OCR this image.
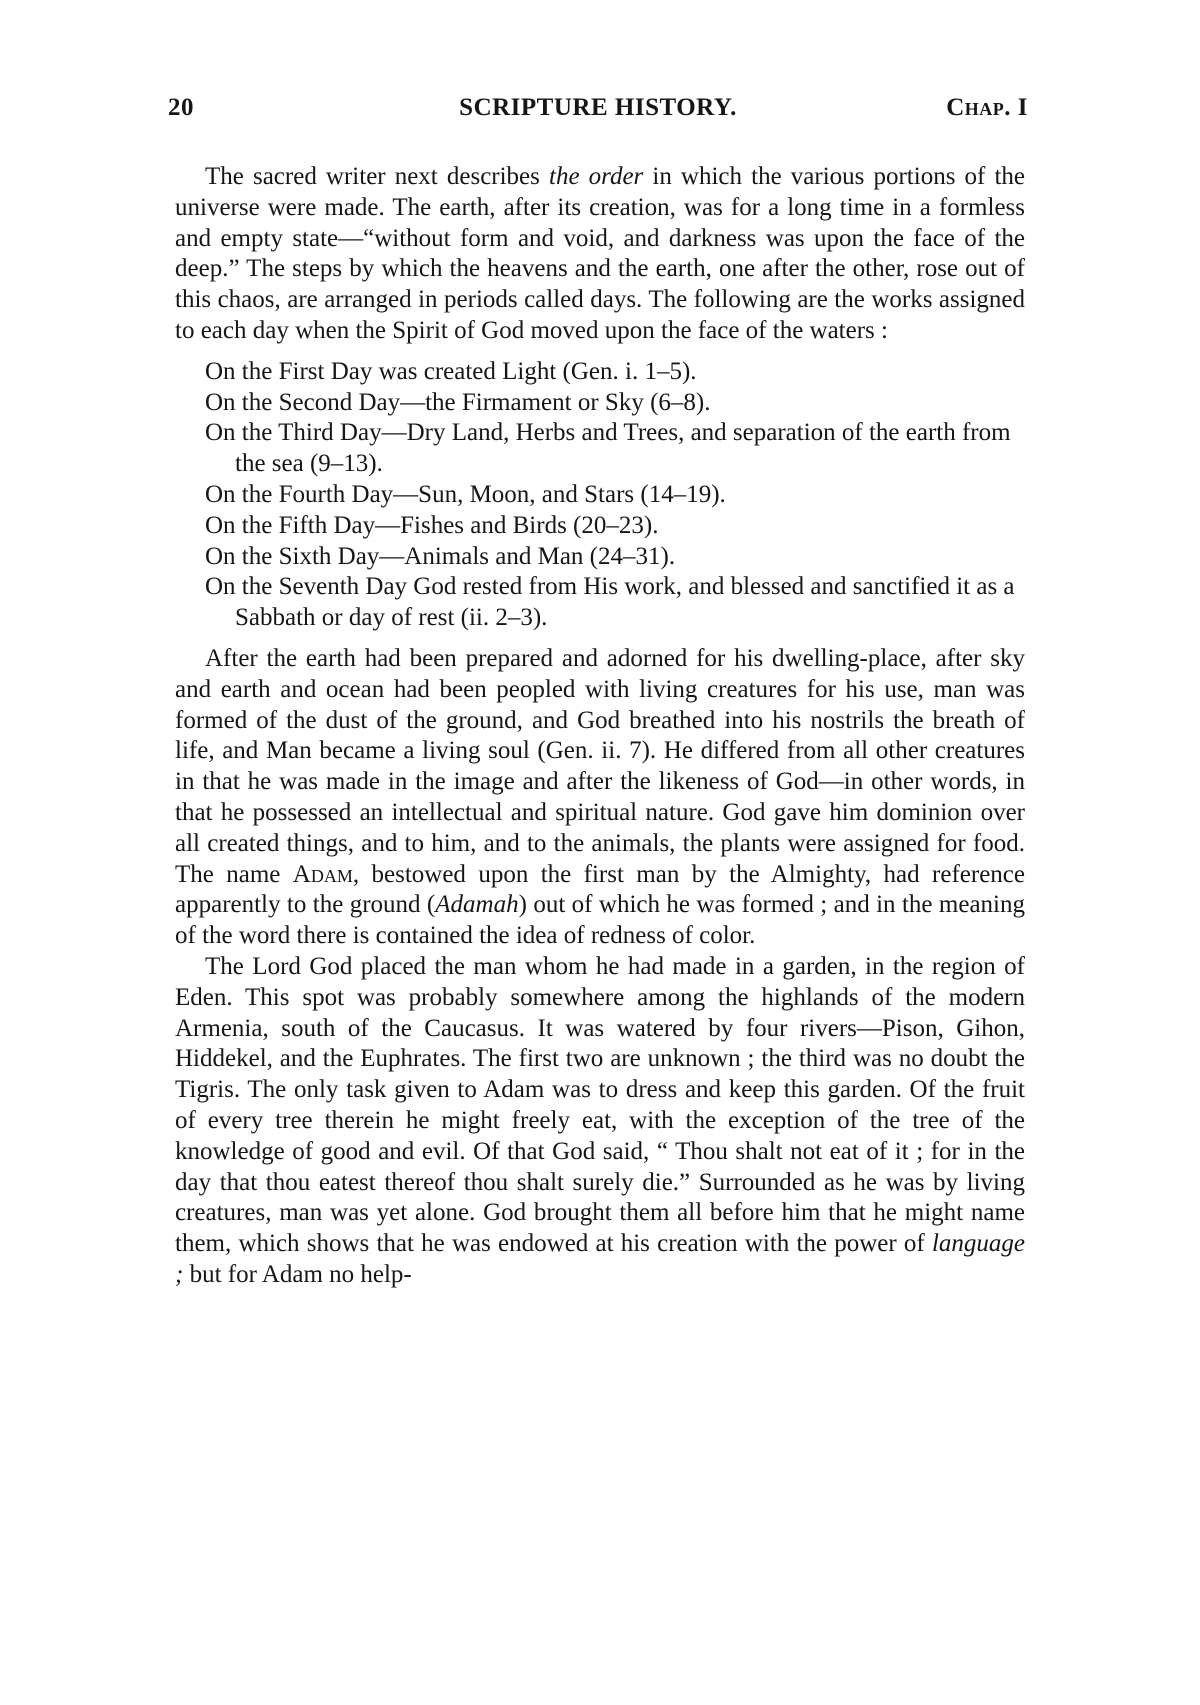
20	SCRIPTURE HISTORY.	Chap. I

The sacred writer next describes the order in which the various portions of the universe were made. The earth, after its creation, was for a long time in a formless and empty state—“without form and void, and darkness was upon the face of the deep.” The steps by which the heavens and the earth, one after the other, rose out of this chaos, are arranged in periods called days. The following are the works assigned to each day when the Spirit of God moved upon the face of the waters :

On the First Day was created Light (Gen. i. 1–5).
On the Second Day—the Firmament or Sky (6–8).
On the Third Day—Dry Land, Herbs and Trees, and separation of the earth from the sea (9–13).
On the Fourth Day—Sun, Moon, and Stars (14–19).
On the Fifth Day—Fishes and Birds (20–23).
On the Sixth Day—Animals and Man (24–31).
On the Seventh Day God rested from His work, and blessed and sanctified it as a Sabbath or day of rest (ii. 2–3).

After the earth had been prepared and adorned for his dwelling-place, after sky and earth and ocean had been peopled with living creatures for his use, man was formed of the dust of the ground, and God breathed into his nostrils the breath of life, and Man became a living soul (Gen. ii. 7). He differed from all other creatures in that he was made in the image and after the likeness of God—in other words, in that he possessed an intellectual and spiritual nature. God gave him dominion over all created things, and to him, and to the animals, the plants were assigned for food. The name Adam, bestowed upon the first man by the Almighty, had reference apparently to the ground (Adamah) out of which he was formed ; and in the meaning of the word there is contained the idea of redness of color.

The Lord God placed the man whom he had made in a garden, in the region of Eden. This spot was probably somewhere among the highlands of the modern Armenia, south of the Caucasus. It was watered by four rivers—Pison, Gihon, Hiddekel, and the Euphrates. The first two are unknown ; the third was no doubt the Tigris. The only task given to Adam was to dress and keep this garden. Of the fruit of every tree therein he might freely eat, with the exception of the tree of the knowledge of good and evil. Of that God said, “ Thou shalt not eat of it ; for in the day that thou eatest thereof thou shalt surely die.” Surrounded as he was by living creatures, man was yet alone. God brought them all before him that he might name them, which shows that he was endowed at his creation with the power of language ; but for Adam no help-
